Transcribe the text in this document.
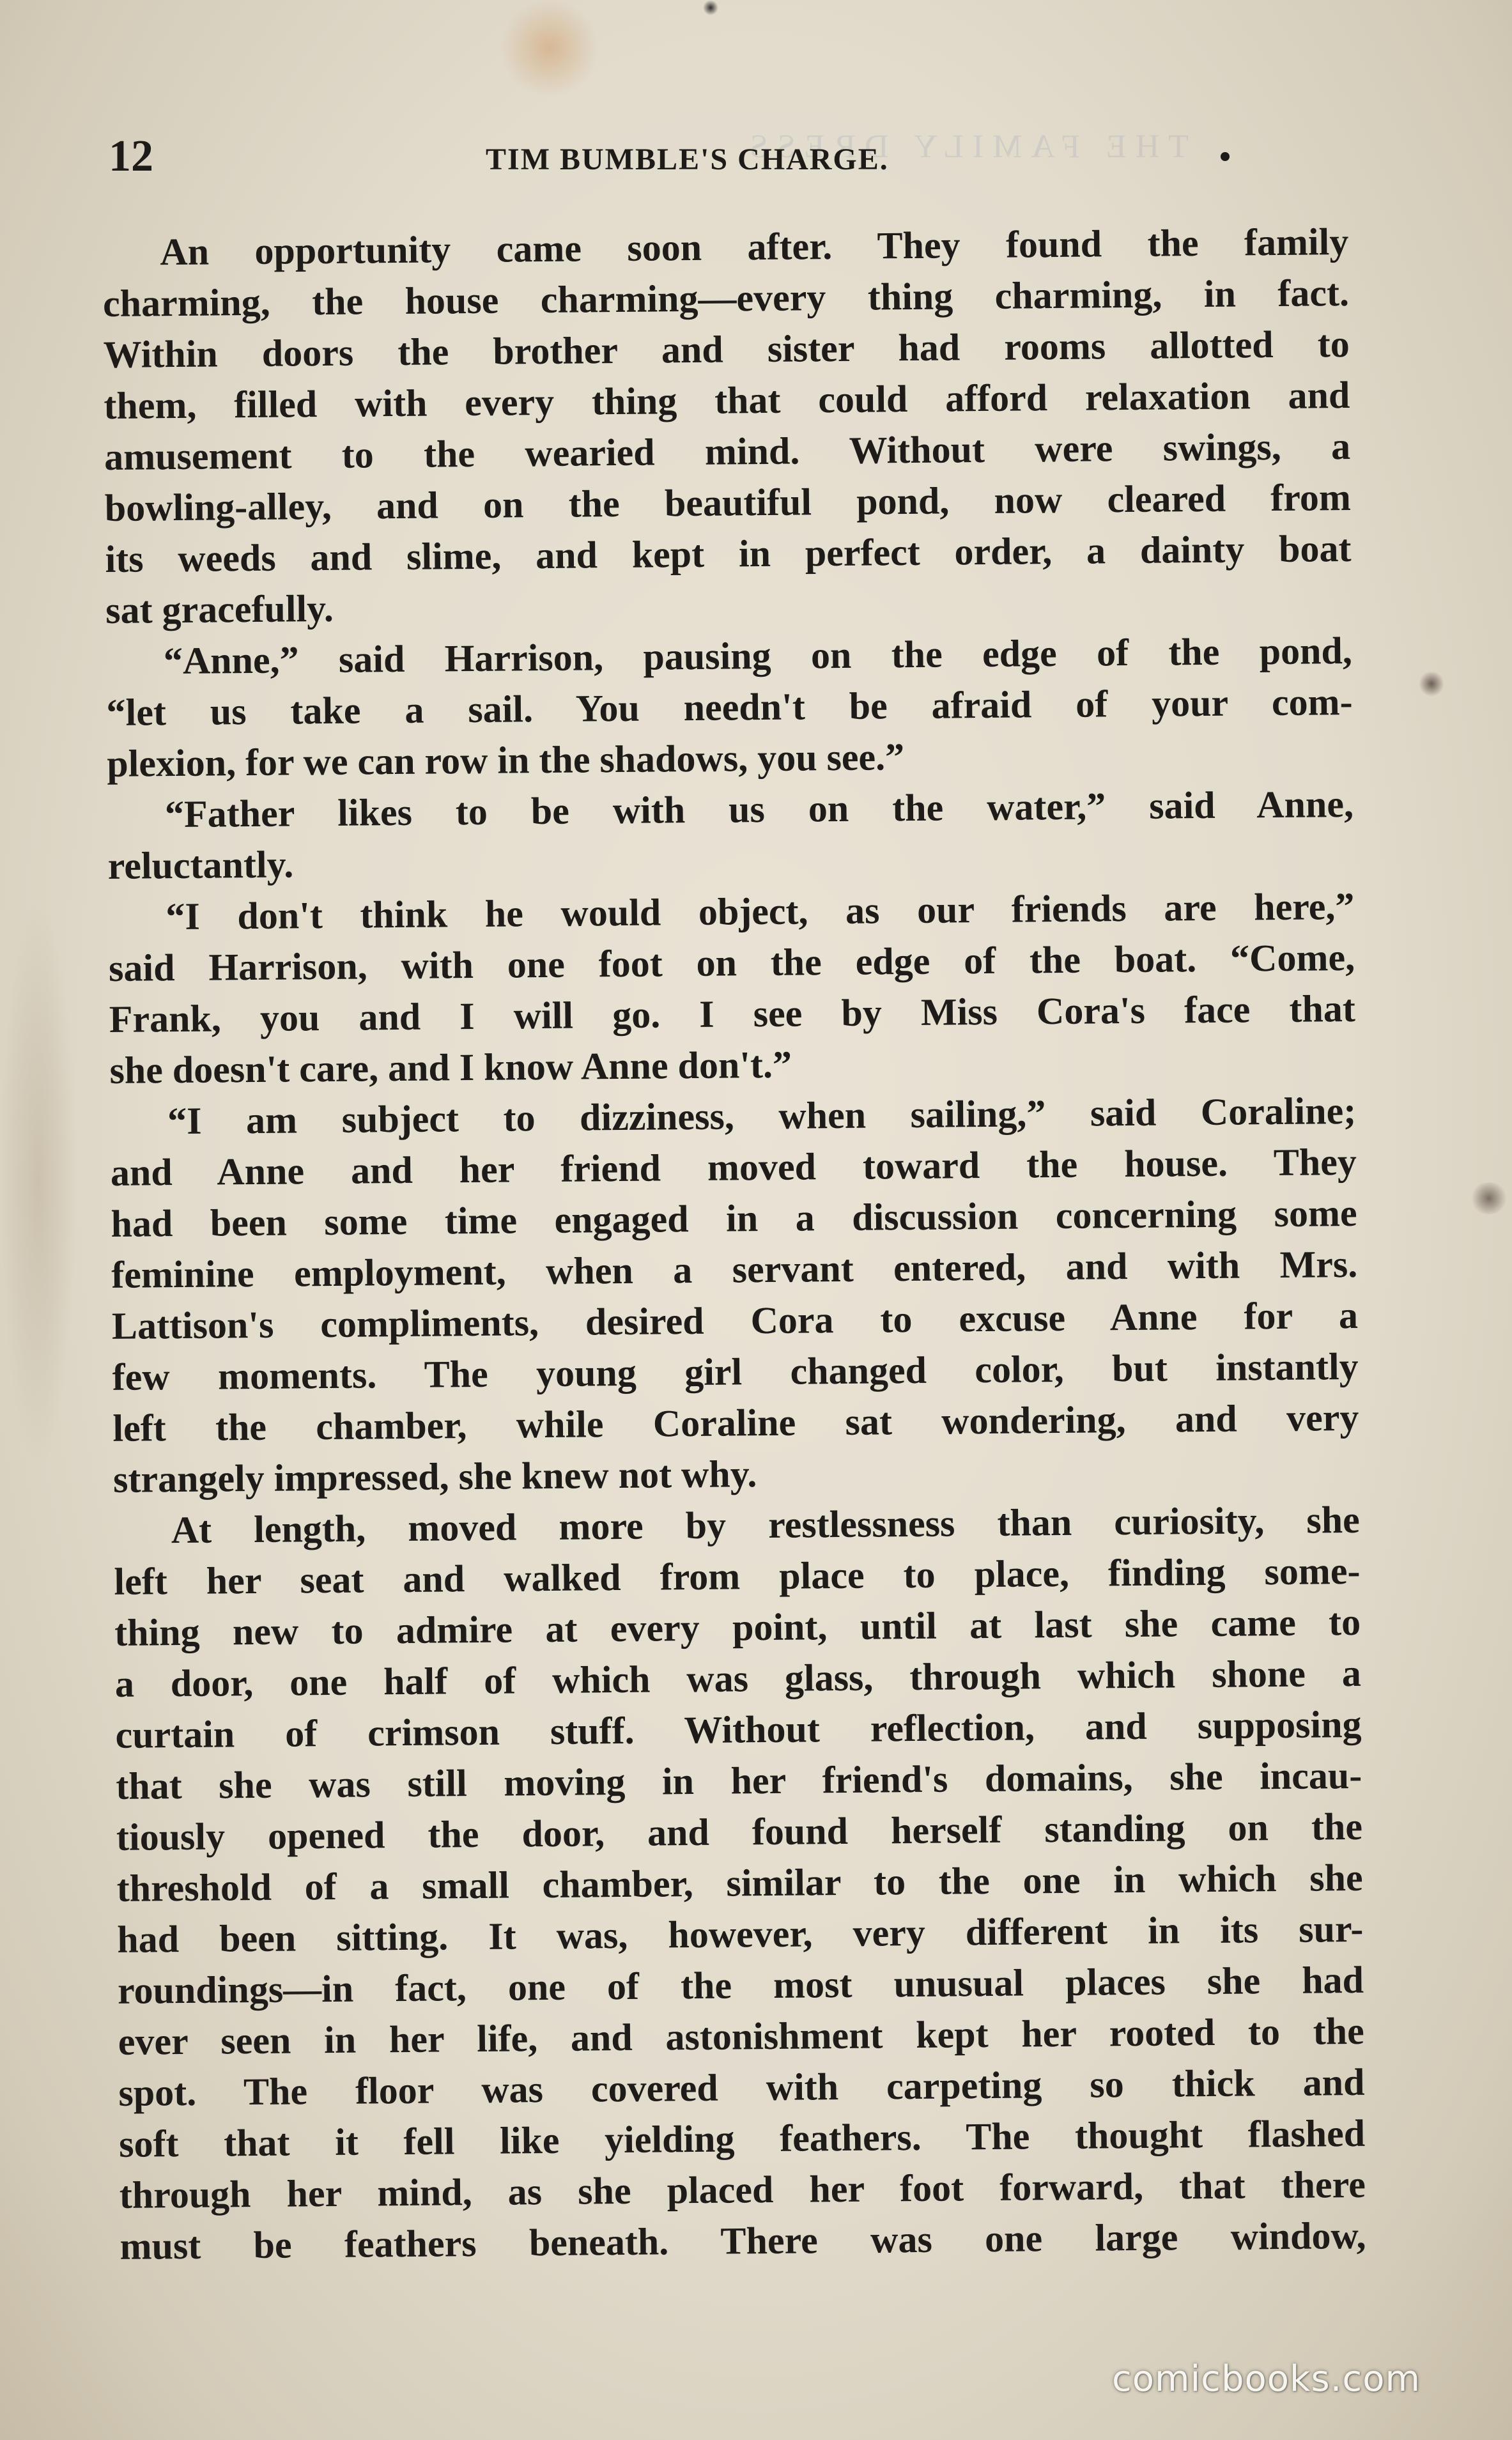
THE FAMILY DRESS
12	TIM BUMBLE'S CHARGE.
An opportunity came soon after. They found the family
charming, the house charming—every thing charming, in fact.
Within doors the brother and sister had rooms allotted to
them, filled with every thing that could afford relaxation and
amusement to the wearied mind. Without were swings, a
bowling-alley, and on the beautiful pond, now cleared from
its weeds and slime, and kept in perfect order, a dainty boat
sat gracefully.
“Anne,” said Harrison, pausing on the edge of the pond,
“let us take a sail. You needn't be afraid of your com-
plexion, for we can row in the shadows, you see.”
“Father likes to be with us on the water,” said Anne,
reluctantly.
“I don't think he would object, as our friends are here,”
said Harrison, with one foot on the edge of the boat. “Come,
Frank, you and I will go. I see by Miss Cora's face that
she doesn't care, and I know Anne don't.”
“I am subject to dizziness, when sailing,” said Coraline;
and Anne and her friend moved toward the house. They
had been some time engaged in a discussion concerning some
feminine employment, when a servant entered, and with Mrs.
Lattison's compliments, desired Cora to excuse Anne for a
few moments. The young girl changed color, but instantly
left the chamber, while Coraline sat wondering, and very
strangely impressed, she knew not why.
At length, moved more by restlessness than curiosity, she
left her seat and walked from place to place, finding some-
thing new to admire at every point, until at last she came to
a door, one half of which was glass, through which shone a
curtain of crimson stuff. Without reflection, and supposing
that she was still moving in her friend's domains, she incau-
tiously opened the door, and found herself standing on the
threshold of a small chamber, similar to the one in which she
had been sitting. It was, however, very different in its sur-
roundings—in fact, one of the most unusual places she had
ever seen in her life, and astonishment kept her rooted to the
spot. The floor was covered with carpeting so thick and
soft that it fell like yielding feathers. The thought flashed
through her mind, as she placed her foot forward, that there
must be feathers beneath. There was one large window,
comicbooks.com
